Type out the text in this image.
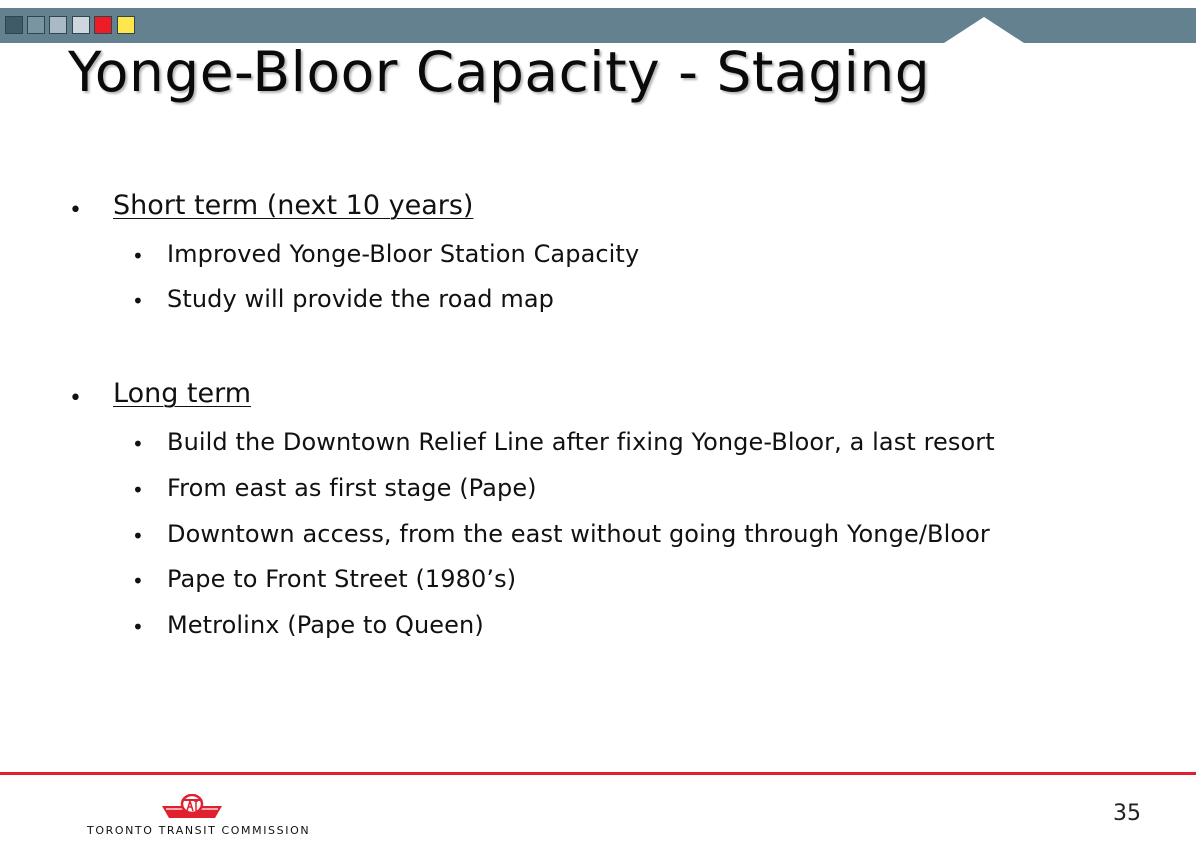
Yonge-Bloor Capacity - Staging
• Short term (next 10 years)
• Improved Yonge-Bloor Station Capacity
• Study will provide the road map
• Long term
• Build the Downtown Relief Line after fixing Yonge-Bloor, a last resort
• From east as first stage (Pape)
• Downtown access, from the east without going through Yonge/Bloor
• Pape to Front Street (1980’s)
• Metrolinx (Pape to Queen)
TORONTO TRANSIT COMMISSION
35
